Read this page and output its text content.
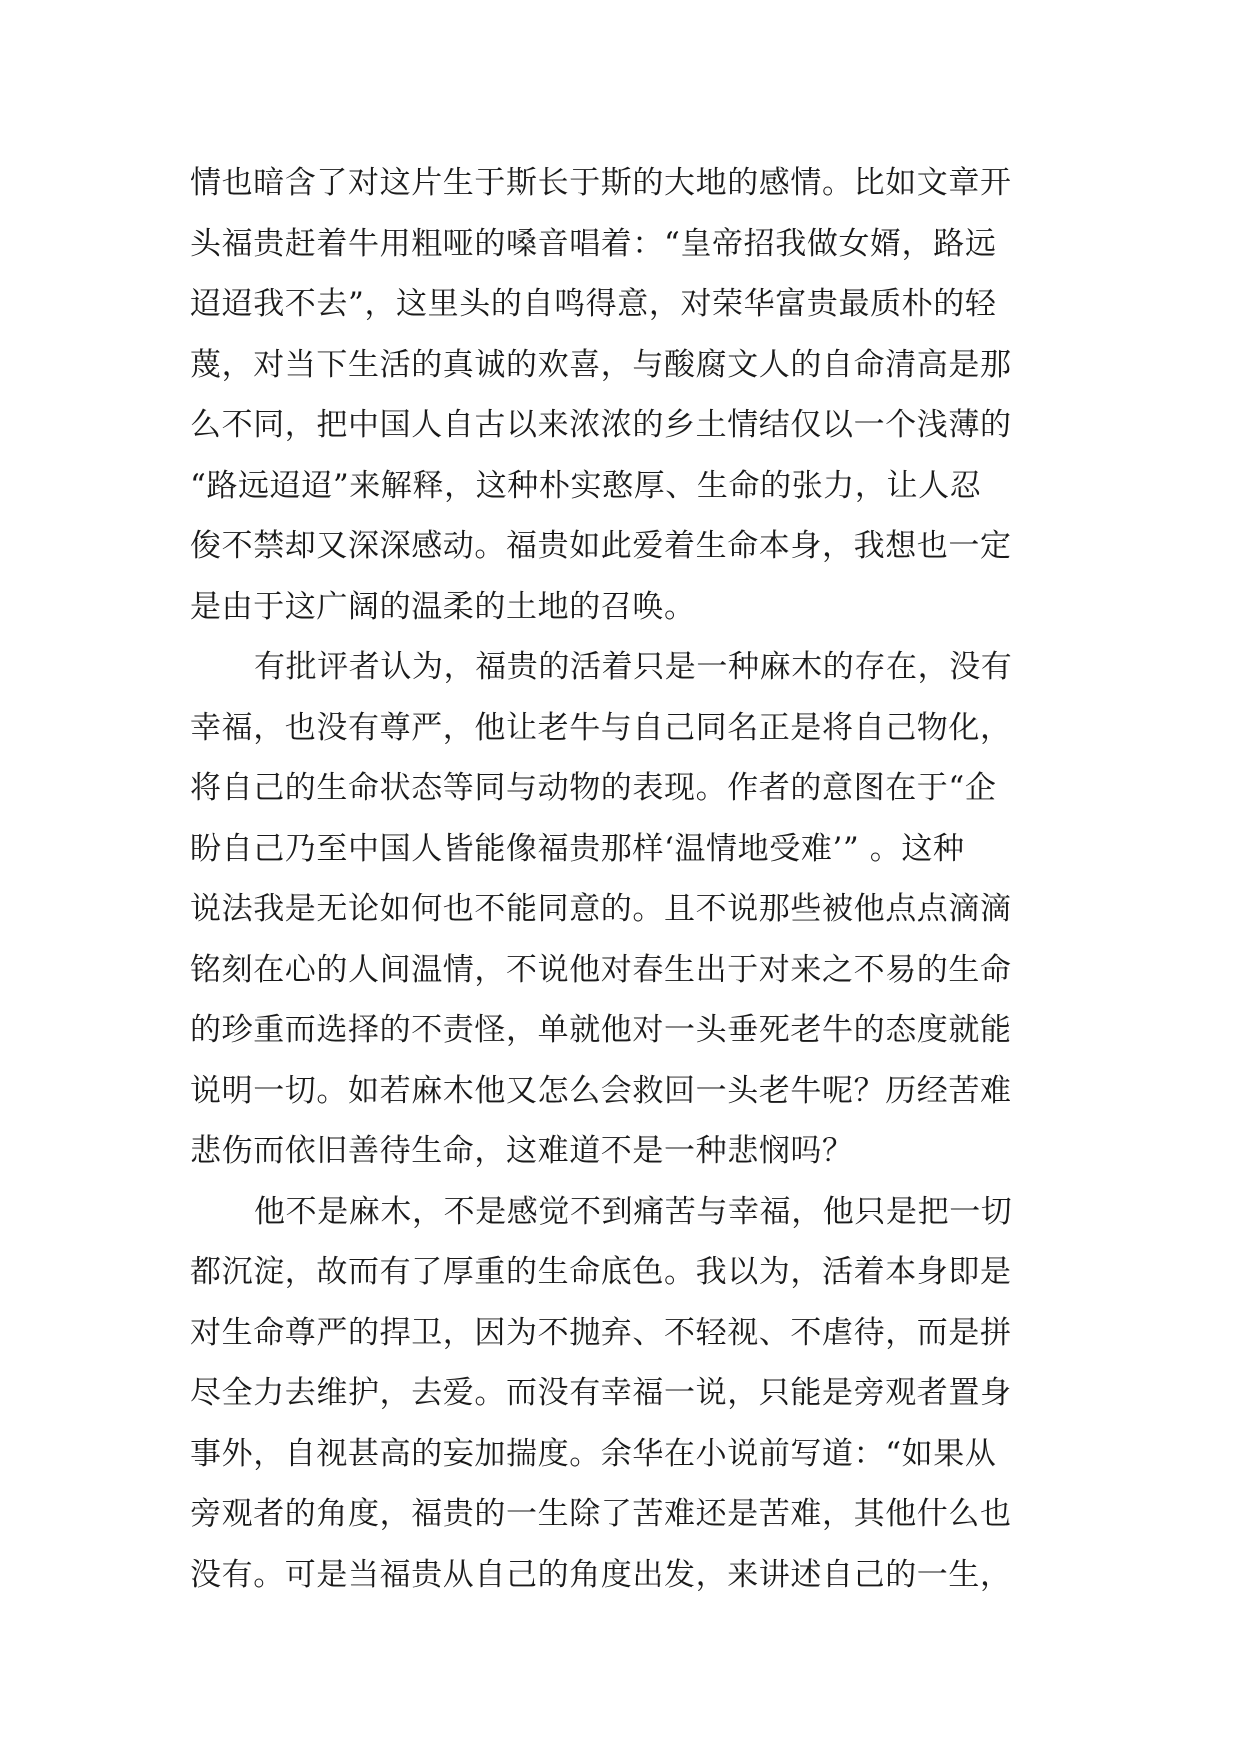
情也暗含了对这片生于斯长于斯的大地的感情。比如文章开
头福贵赶着牛用粗哑的嗓音唱着：“皇帝招我做女婿，路远
迢迢我不去”，这里头的自鸣得意，对荣华富贵最质朴的轻
蔑，对当下生活的真诚的欢喜，与酸腐文人的自命清高是那
么不同，把中国人自古以来浓浓的乡土情结仅以一个浅薄的
“路远迢迢”来解释，这种朴实憨厚、生命的张力，让人忍
俊不禁却又深深感动。福贵如此爱着生命本身，我想也一定
是由于这广阔的温柔的土地的召唤。
有批评者认为，福贵的活着只是一种麻木的存在，没有
幸福，也没有尊严，他让老牛与自己同名正是将自己物化，
将自己的生命状态等同与动物的表现。作者的意图在于“企
盼自己乃至中国人皆能像福贵那样‘温情地受难’” 。这种
说法我是无论如何也不能同意的。且不说那些被他点点滴滴
铭刻在心的人间温情，不说他对春生出于对来之不易的生命
的珍重而选择的不责怪，单就他对一头垂死老牛的态度就能
说明一切。如若麻木他又怎么会救回一头老牛呢？历经苦难
悲伤而依旧善待生命，这难道不是一种悲悯吗？
他不是麻木，不是感觉不到痛苦与幸福，他只是把一切
都沉淀，故而有了厚重的生命底色。我以为，活着本身即是
对生命尊严的捍卫，因为不抛弃、不轻视、不虐待，而是拼
尽全力去维护，去爱。而没有幸福一说，只能是旁观者置身
事外，自视甚高的妄加揣度。余华在小说前写道：“如果从
旁观者的角度，福贵的一生除了苦难还是苦难，其他什么也
没有。可是当福贵从自己的角度出发，来讲述自己的一生，
